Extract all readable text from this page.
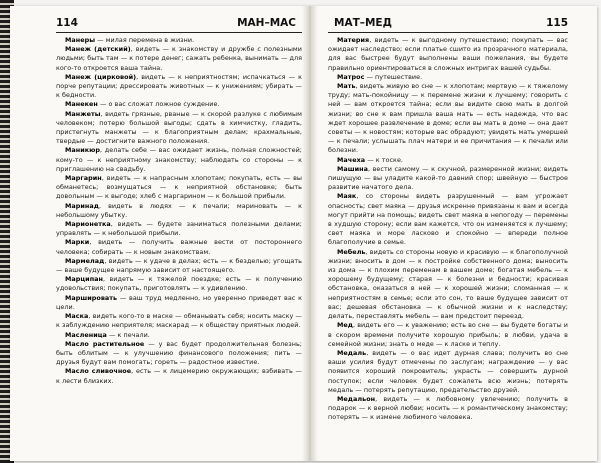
114	МАН–МАС	МАТ–МЕД	115

Манеры — милая перемена в жизни.

Манеж (детский), видеть — к знакомству и дружбе с полезными людьми; быть там — к потере денег; сажать ребенка, вынимать — для кого-то откроется ваша тайна.

Манеж (цирковой), видеть — к неприятностям; испачкаться — к порче репутации; дрессировать животных — к унижениям; убирать — к бедности.

Манекен — о вас сложат ложное суждение.

Манжеты, видеть грязные, рваные — к скорой разлуке с любимым человеком; потерю большой выгоды; сдать в химчистку, гладить, пристегнуть манжеты — к благоприятным делам; крахмальные, твердые — достигните важного положения.

Маникюр, делать себе — вас ожидает жизнь, полная сложностей; кому-то — к неприятному знакомству; наблюдать со стороны — к приглашению на свадьбу.

Маргарин, видеть — к напрасным хлопотам; покупать, есть — вы обманетесь; возмущаться — к неприятной обстановке; быть довольным — к выгоде; хлеб с маргарином — к большой прибыли.

Маринад, видеть в людях — к печали; мариновать — к небольшому убытку.

Марионетка, видеть — будете заниматься полезными делами; управлять — к небольшой прибыли.

Марки, видеть — получить важные вести от постороннего человека; собирать — к новым знакомствам.

Мармелад, видеть — к удаче в делах; есть — к безделью; угощать — ваше будущее напрямую зависит от настоящего.

Марципан, видеть — к тяжелой поездке; есть — к получению удовольствия; покупать, приготовлять — к удивлению.

Маршировать — ваш труд медленно, но уверенно приведет вас к цели.

Маска, видеть кого-то в маске — обманывать себя; носить маску — к заблуждению неприятеля; маскарад — к обществу приятных людей.

Масленица — к печали.

Масло растительное — у вас будет продолжительная болезнь; быть облитым — к улучшению финансового положения; пить — друзья будут вам помогать; гореть — радостное известие.

Масло сливочное, есть — к лицемерию окружающих; взбивать — к лести близких.

Материя, видеть — к выгодному путешествию; покупать — вас ожидает наследство; если платье сшито из прозрачного материала, для вас быстрее будут выполнены ваши пожелания, вы будете правильно ориентироваться в сложных интригах вашей судьбы.

Матрос — путешествие.

Мать, видеть живую во сне — к хлопотам; мертвую — к тяжелому труду; мать-покойницу — к перемене жизни к лучшему; говорить с ней — вам откроется тайна; если вы видите свою мать в долгой жизни; во сне к вам пришла ваша мать — есть надежда, что вас ждет хорошее развлечение в доме; если вы мать в доме — она дает советы — к новостям; которые вас обрадуют; увидеть мать умершей — к печали; услышать плач матери и ее причитания — к печали или болезни.

Мачеха — к тоске.

Машина, вести самому — к скучной, размеренной жизни; видеть пишущую — вы уладите какой-то давний спор; швейную — быстрое развитие начатого дела.

Маяк, со стороны видеть разрушенный — вам угрожает опасность; свет маяка — друзья искренне привязаны к вам и всегда могут прийти на помощь; видеть свет маяка в непогоду — перемены в худшую сторону; если вам кажется, что он изменяется к лучшему; свет маяка и море ласково и спокойно — впереди полное благополучие в семье.

Мебель, видеть со стороны новую и красивую — к благополучной жизни; вносить в дом — к постройке собственного дома; выносить из дома — к плохим переменам в вашем доме; богатая мебель — к хорошему будущему; старая — к болезни и бедности; красивая обстановка, оказаться в ней — к хорошей жизни; сломанная — к неприятностям в семье; если это сон, то ваше будущее зависит от вас; дешевая обстановка — к обычной жизни и к наследству; делать, переставлять мебель — вам предстоит переезд.

Мед, видеть его — к уважению; есть во сне — вы будете богаты и в скором времени получите хорошую прибыль; в любви, удача в семейной жизни; знать о меде — к ласке и теплу.

Медаль, видеть — о вас идет дурная слава; получить во сне ваши усилия будут отмечены по заслугам; награждение — у вас появится хороший покровитель; украсть — совершить дурной поступок; если человек будет сожалеть всю жизнь; потерять медаль — потерять репутацию, предательство друзей.

Медальон, видеть — к любовному увлечению; получить в подарок — к верной любви; носить — к романтическому знакомству; потерять — к измене любимого человека.
